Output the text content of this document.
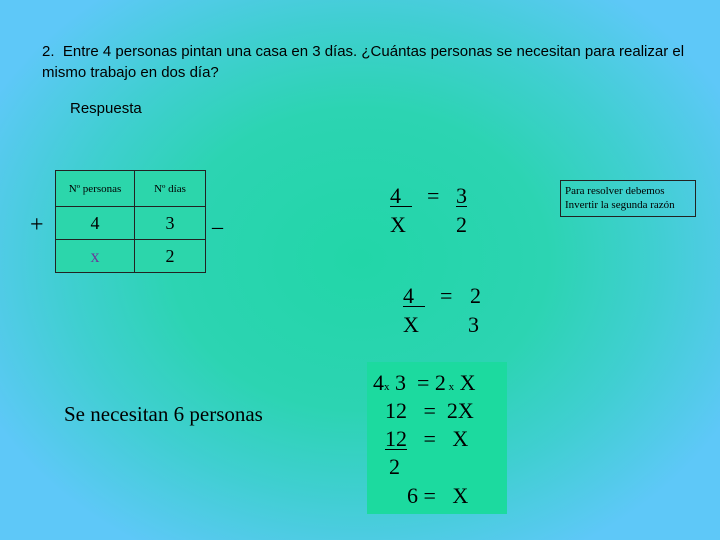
2. Entre 4 personas pintan una casa en 3 días. ¿Cuántas personas se necesitan para realizar el mismo trabajo en dos día?
Respuesta
Nº personas	Nº días
4	3
x	2
+	_
4	= 3
X 2
Para resolver debemos Invertir la segunda razón
4	= 2
X 3
4x 3 = 2 x X
12   =  2X
12   =   X
2
6 =   X
Se necesitan 6 personas
